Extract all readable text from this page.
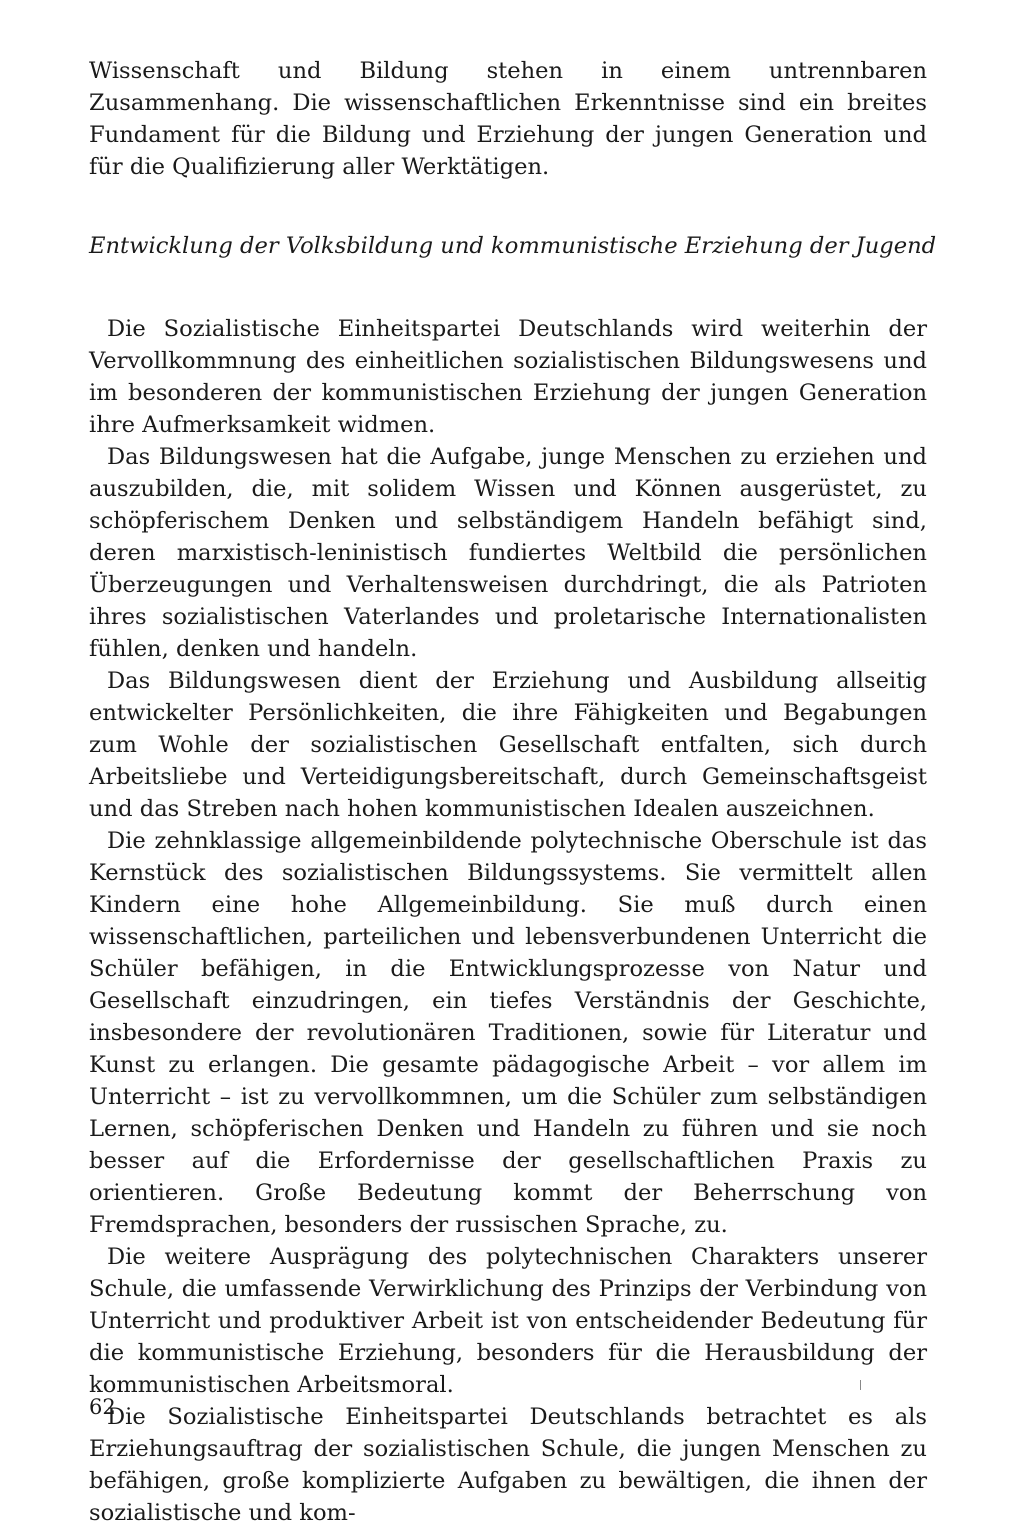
Wissenschaft und Bildung stehen in einem untrennbaren Zusammenhang. Die wissenschaftlichen Erkenntnisse sind ein breites Fundament für die Bildung und Erziehung der jungen Generation und für die Qualifizierung aller Werktätigen.

Entwicklung der Volksbildung und kommunistische Erziehung der Jugend

Die Sozialistische Einheitspartei Deutschlands wird weiterhin der Vervollkommnung des einheitlichen sozialistischen Bildungswesens und im besonderen der kommunistischen Erziehung der jungen Generation ihre Aufmerksamkeit widmen.

Das Bildungswesen hat die Aufgabe, junge Menschen zu erziehen und auszubilden, die, mit solidem Wissen und Können ausgerüstet, zu schöpferischem Denken und selbständigem Handeln befähigt sind, deren marxistisch-leninistisch fundiertes Weltbild die persönlichen Überzeugungen und Verhaltensweisen durchdringt, die als Patrioten ihres sozialistischen Vaterlandes und proletarische Internationalisten fühlen, denken und handeln.

Das Bildungswesen dient der Erziehung und Ausbildung allseitig entwickelter Persönlichkeiten, die ihre Fähigkeiten und Begabungen zum Wohle der sozialistischen Gesellschaft entfalten, sich durch Arbeitsliebe und Verteidigungsbereitschaft, durch Gemeinschaftsgeist und das Streben nach hohen kommunistischen Idealen auszeichnen.

Die zehnklassige allgemeinbildende polytechnische Oberschule ist das Kernstück des sozialistischen Bildungssystems. Sie vermittelt allen Kindern eine hohe Allgemeinbildung. Sie muß durch einen wissenschaftlichen, parteilichen und lebensverbundenen Unterricht die Schüler befähigen, in die Entwicklungsprozesse von Natur und Gesellschaft einzudringen, ein tiefes Verständnis der Geschichte, insbesondere der revolutionären Traditionen, sowie für Literatur und Kunst zu erlangen. Die gesamte pädagogische Arbeit – vor allem im Unterricht – ist zu vervollkommnen, um die Schüler zum selbständigen Lernen, schöpferischen Denken und Handeln zu führen und sie noch besser auf die Erfordernisse der gesellschaftlichen Praxis zu orientieren. Große Bedeutung kommt der Beherrschung von Fremdsprachen, besonders der russischen Sprache, zu.

Die weitere Ausprägung des polytechnischen Charakters unserer Schule, die umfassende Verwirklichung des Prinzips der Verbindung von Unterricht und produktiver Arbeit ist von entscheidender Bedeutung für die kommunistische Erziehung, besonders für die Herausbildung der kommunistischen Arbeitsmoral.

Die Sozialistische Einheitspartei Deutschlands betrachtet es als Erziehungsauftrag der sozialistischen Schule, die jungen Menschen zu befähigen, große komplizierte Aufgaben zu bewältigen, die ihnen der sozialistische und kom-

62
